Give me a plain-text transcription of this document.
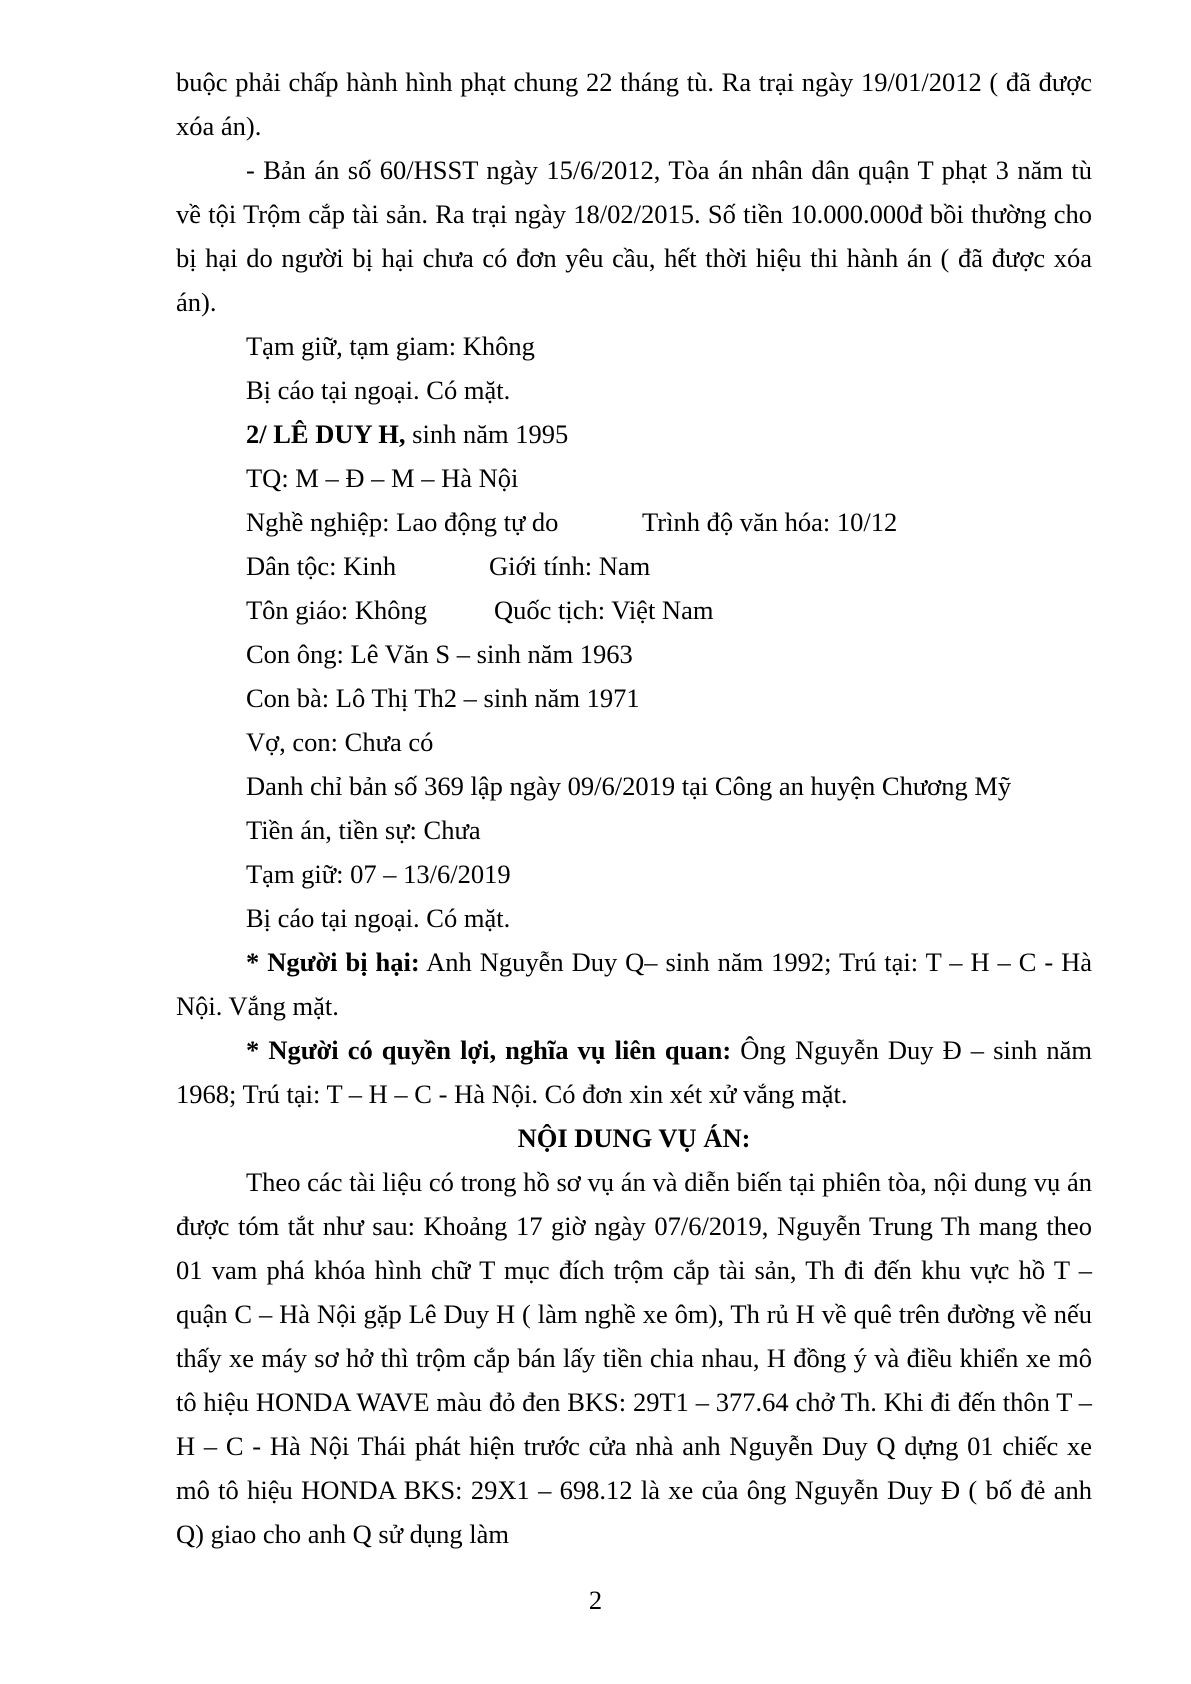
buộc phải chấp hành hình phạt chung 22 tháng tù. Ra trại ngày 19/01/2012 ( đã được xóa án).

- Bản án số 60/HSST ngày 15/6/2012, Tòa án nhân dân quận T phạt 3 năm tù về tội Trộm cắp tài sản. Ra trại ngày 18/02/2015. Số tiền 10.000.000đ bồi thường cho bị hại do người bị hại chưa có đơn yêu cầu, hết thời hiệu thi hành án ( đã được xóa án).

Tạm giữ, tạm giam: Không

Bị cáo tại ngoại. Có mặt.

2/ LÊ DUY H, sinh năm 1995

TQ: M – Đ – M – Hà Nội

Nghề nghiệp: Lao động tự do	Trình độ văn hóa: 10/12

Dân tộc: Kinh	Giới tính: Nam

Tôn giáo: Không	Quốc tịch: Việt Nam

Con ông: Lê Văn S – sinh năm 1963

Con bà: Lô Thị Th2 – sinh năm 1971

Vợ, con: Chưa có

Danh chỉ bản số 369 lập ngày 09/6/2019 tại Công an huyện Chương Mỹ

Tiền án, tiền sự: Chưa

Tạm giữ: 07 – 13/6/2019

Bị cáo tại ngoại. Có mặt.

* Người bị hại: Anh Nguyễn Duy Q– sinh năm 1992; Trú tại: T – H – C - Hà Nội. Vắng mặt.

* Người có quyền lợi, nghĩa vụ liên quan: Ông Nguyễn Duy Đ – sinh năm 1968; Trú tại: T – H – C - Hà Nội. Có đơn xin xét xử vắng mặt.

NỘI DUNG VỤ ÁN:

Theo các tài liệu có trong hồ sơ vụ án và diễn biến tại phiên tòa, nội dung vụ án được tóm tắt như sau: Khoảng 17 giờ ngày 07/6/2019, Nguyễn Trung Th mang theo 01 vam phá khóa hình chữ T mục đích trộm cắp tài sản, Th đi đến khu vực hồ T – quận C – Hà Nội gặp Lê Duy H ( làm nghề xe ôm), Th rủ H về quê trên đường về nếu thấy xe máy sơ hở thì trộm cắp bán lấy tiền chia nhau, H đồng ý và điều khiển xe mô tô hiệu HONDA WAVE màu đỏ đen BKS: 29T1 – 377.64 chở Th. Khi đi đến thôn T – H – C - Hà Nội Thái phát hiện trước cửa nhà anh Nguyễn Duy Q dựng 01 chiếc xe mô tô hiệu HONDA BKS: 29X1 – 698.12 là xe của ông Nguyễn Duy Đ ( bố đẻ anh Q) giao cho anh Q sử dụng làm

2
